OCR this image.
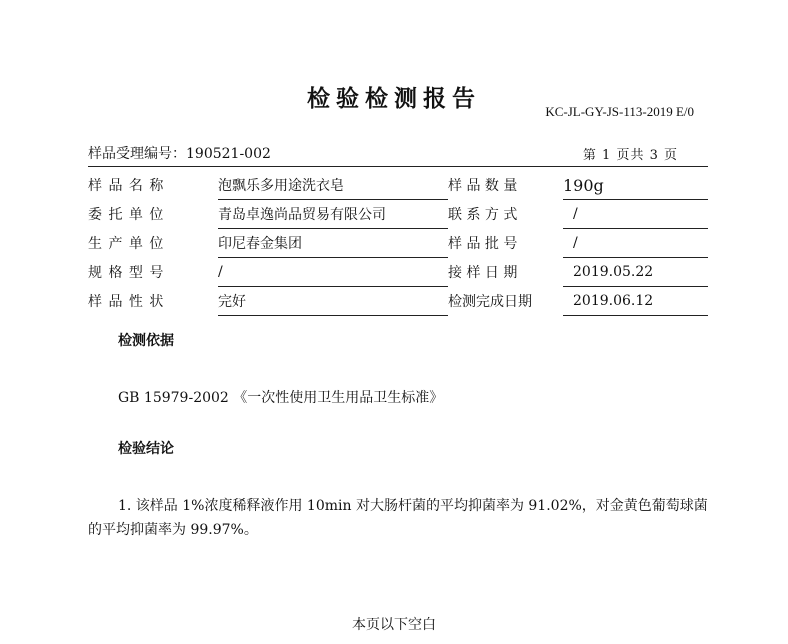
检验检测报告	KC-JL-GY-JS-113-2019 E/0
样品受理编号：190521-002	第 1 页共 3 页
样 品 名 称	泡飘乐多用途洗衣皂	样 品 数 量	190g
委 托 单 位	青岛卓逸尚品贸易有限公司	联 系 方 式	/
生 产 单 位	印尼春金集团	样 品 批 号	/
规 格 型 号	/	接 样 日 期	2019.05.22
样 品 性 状	完好	检测完成日期	2019.06.12
检测依据
GB 15979-2002 《一次性使用卫生用品卫生标准》
检验结论
1. 该样品 1%浓度稀释液作用 10min 对大肠杆菌的平均抑菌率为 91.02%，对金黄色葡萄球菌的平均抑菌率为 99.97%。
本页以下空白
